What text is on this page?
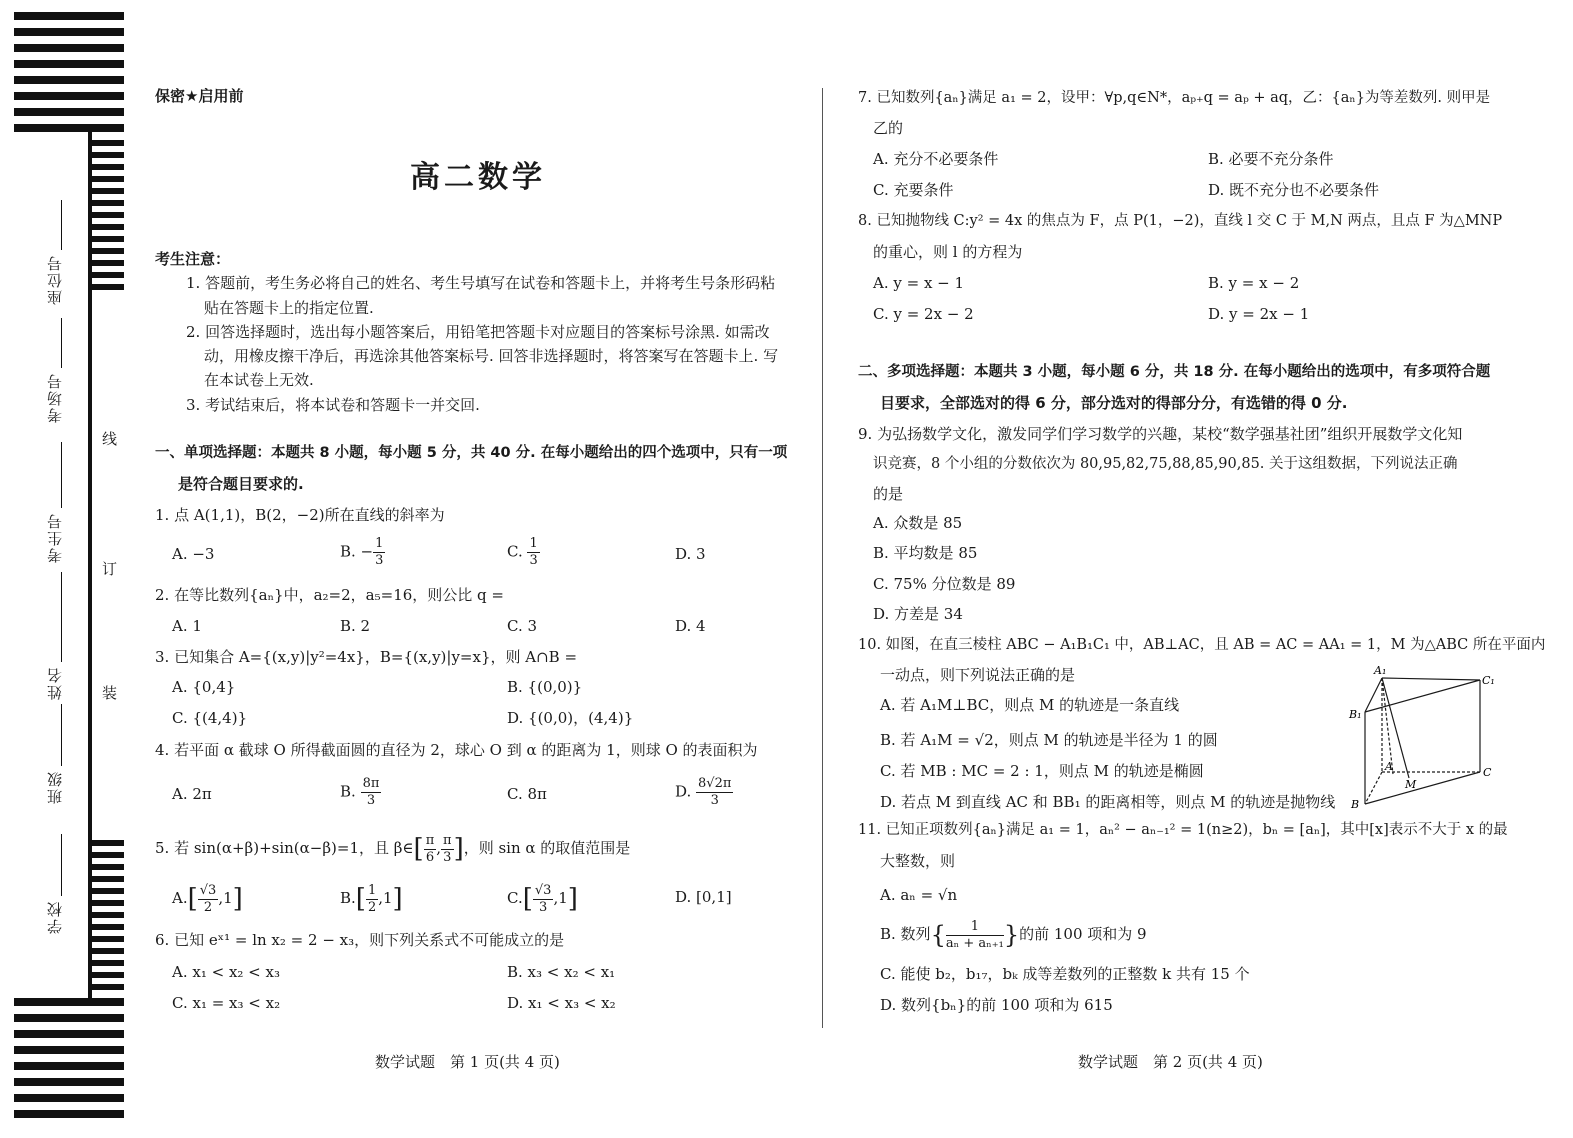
座位号
考场号
考生号
姓名
班级
学校
线
订
装
保密★启用前
高二数学
考生注意：
1. 答题前，考生务必将自己的姓名、考生号填写在试卷和答题卡上，并将考生号条形码粘
贴在答题卡上的指定位置.
2. 回答选择题时，选出每小题答案后，用铅笔把答题卡对应题目的答案标号涂黑. 如需改
动，用橡皮擦干净后，再选涂其他答案标号. 回答非选择题时，将答案写在答题卡上. 写
在本试卷上无效.
3. 考试结束后，将本试卷和答题卡一并交回.
一、单项选择题：本题共 8 小题，每小题 5 分，共 40 分. 在每小题给出的四个选项中，只有一项
是符合题目要求的.
1. 点 A(1,1)，B(2，−2)所在直线的斜率为
A. −3	B. − $\frac{1}{3}$	C. $\frac{1}{3}$	D. 3
2. 在等比数列{aₙ}中，a₂=2，a₅=16，则公比 q =
A. 1	B. 2	C. 3	D. 4
3. 已知集合 A={(x,y)|y²=4x}，B={(x,y)|y=x}，则 A∩B =
A. {0,4}	B. {(0,0)}
C. {(4,4)}	D. {(0,0)，(4,4)}
4. 若平面 α 截球 O 所得截面圆的直径为 2，球心 O 到 α 的距离为 1，则球 O 的表面积为
A. 2π	B. $\frac{8\pi}{3}$	C. 8π	D. $\frac{8√2\pi}{3}$
5. 若 sin(α+β)+sin(α−β)=1，且 β∈[ $\frac{\pi}{6}$ , $\frac{\pi}{3}$ ]，则 sin α 的取值范围是
$A.[ \frac{√3}{2} ,1]$	$B.[ \frac{1}{2} ,1]$	$C.[ \frac{√3}{3} ,1]$	D. [0,1]
6. 已知 eˣ¹ = ln x₂ = 2 − x₃，则下列关系式不可能成立的是
A. x₁ < x₂ < x₃	B. x₃ < x₂ < x₁
C. x₁ = x₃ < x₂	D. x₁ < x₃ < x₂
数学试题　第 1 页(共 4 页)
7. 已知数列{aₙ}满足 a₁ = 2，设甲：∀p,q∈N*，aₚ₊q = aₚ + aq，乙：{aₙ}为等差数列. 则甲是
乙的
A. 充分不必要条件	B. 必要不充分条件
C. 充要条件	D. 既不充分也不必要条件
8. 已知抛物线 C:y² = 4x 的焦点为 F，点 P(1，−2)，直线 l 交 C 于 M,N 两点，且点 F 为△MNP
的重心，则 l 的方程为
A. y = x − 1	B. y = x − 2
C. y = 2x − 2	D. y = 2x − 1
二、多项选择题：本题共 3 小题，每小题 6 分，共 18 分. 在每小题给出的选项中，有多项符合题
目要求，全部选对的得 6 分，部分选对的得部分分，有选错的得 0 分.
9. 为弘扬数学文化，激发同学们学习数学的兴趣，某校“数学强基社团”组织开展数学文化知
识竞赛，8 个小组的分数依次为 80,95,82,75,88,85,90,85. 关于这组数据，下列说法正确
的是
A. 众数是 85
B. 平均数是 85
C. 75% 分位数是 89
D. 方差是 34
10. 如图，在直三棱柱 ABC − A₁B₁C₁ 中，AB⊥AC，且 AB = AC = AA₁ = 1，M 为△ABC 所在平面内
一动点，则下列说法正确的是
A. 若 A₁M⊥BC，则点 M 的轨迹是一条直线
B. 若 A₁M = √2，则点 M 的轨迹是半径为 1 的圆
C. 若 MB : MC = 2 : 1，则点 M 的轨迹是椭圆
D. 若点 M 到直线 AC 和 BB₁ 的距离相等，则点 M 的轨迹是抛物线
A₁
B₁
C₁
A
B
C
M
11. 已知正项数列{aₙ}满足 a₁ = 1，aₙ² − aₙ₋₁² = 1(n≥2)，bₙ = [aₙ]，其中[x]表示不大于 x 的最
大整数，则
A. aₙ = √n
B. 数列{ $\frac{1}{\text{aₙ + aₙ₊₁}}$ }的前 100 项和为 9
C. 能使 b₂，b₁₇，bₖ 成等差数列的正整数 k 共有 15 个
D. 数列{bₙ}的前 100 项和为 615
数学试题　第 2 页(共 4 页)
